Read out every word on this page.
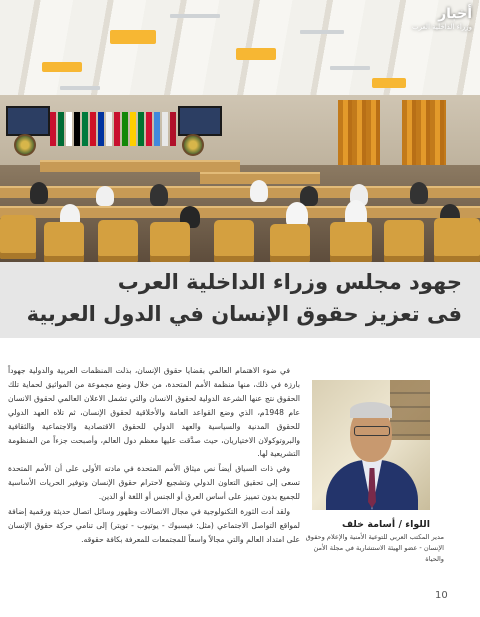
أخبار
وزراء الداخلية العرب
جهود مجلس وزراء الداخلية العرب
فى تعزيز حقوق الإنسان في الدول العربية

في ضوء الاهتمام العالمي بقضايا حقوق الإنسان، بذلت المنظمات العربية والدولية جهوداً بارزة في ذلك، منها منظمة الأمم المتحدة، من خلال وضع مجموعة من المواثيق لحماية تلك الحقوق نتج عنها الشرعة الدولية لحقوق الانسان والتي تشمل الاعلان العالمي لحقوق الانسان عام 1948م، الذي وضع القواعد العامة والأخلاقية لحقوق الإنسان، ثم تلاه العهد الدولي للحقوق المدنية والسياسية والعهد الدولي للحقوق الاقتصادية والاجتماعية والثقافية والبروتوكولان الاختياريان، حيث صدَّقت عليها معظم دول العالم، وأصبحت جزءاً من المنظومة التشريعية لها.

وفي ذات السياق أيضاً نص ميثاق الأمم المتحدة في مادته الأولى على أن الأمم المتحدة تسعى إلى تحقيق التعاون الدولي وتشجيع لاحترام حقوق الإنسان وتوفير الحريات الأساسية للجميع بدون تمييز على أساس العرق أو الجنس أو اللغة أو الدين.

ولقد أدت الثورة التكنولوجية في مجال الاتصالات وظهور وسائل اتصال حديثة ورقمية إضافة لمواقع التواصل الاجتماعي (مثل: فيسبوك - يوتيوب - تويتر) إلى تنامي حركة حقوق الإنسان على امتداد العالم والتي مجالاً واسعاً للمجتمعات للمعرفة بكافة حقوقه.

اللواء / أسامة خلف
مدير المكتب العربي للتوعية الأمنية والإعلام وحقوق الإنسان - عضو الهيئة الاستشارية في مجلة الأمن والحياة
10
